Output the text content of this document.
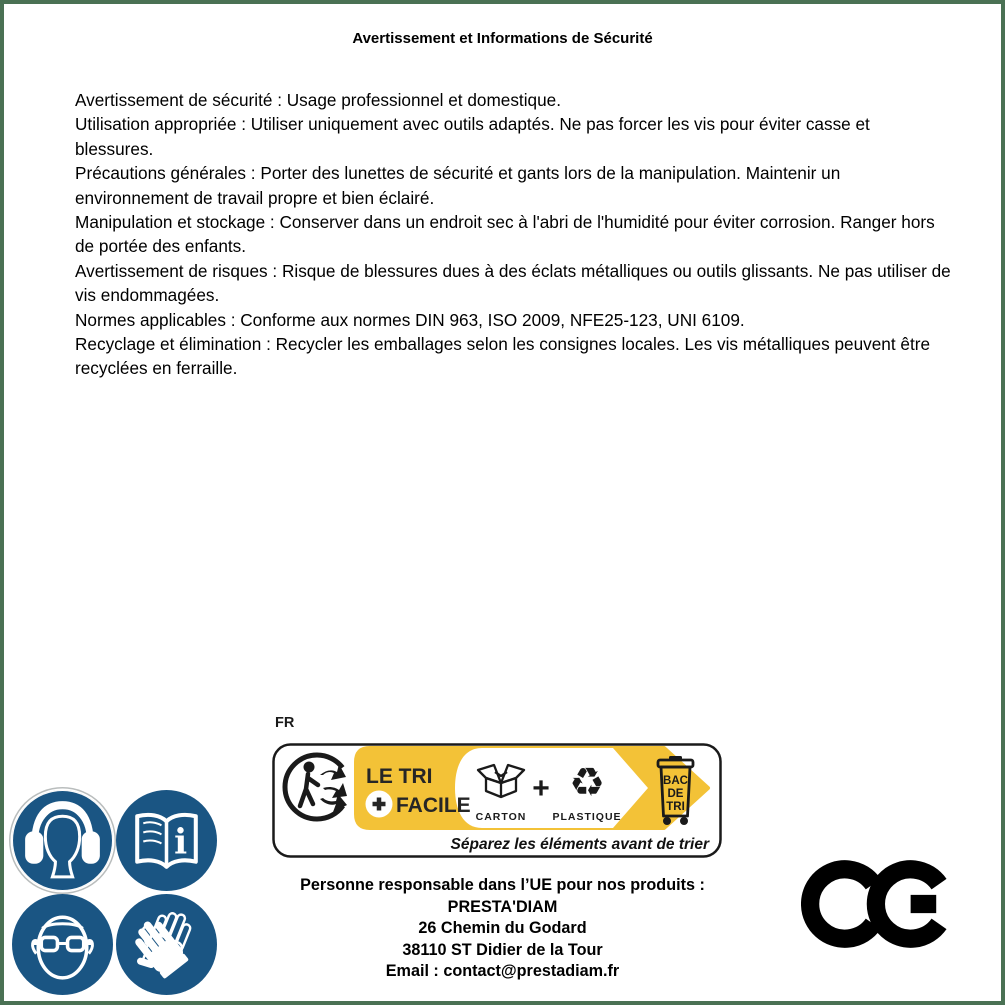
Avertissement et Informations de Sécurité

Avertissement de sécurité : Usage professionnel et domestique.

Utilisation appropriée : Utiliser uniquement avec outils adaptés. Ne pas forcer les vis pour éviter casse et blessures.

Précautions générales : Porter des lunettes de sécurité et gants lors de la manipulation. Maintenir un environnement de travail propre et bien éclairé.

Manipulation et stockage : Conserver dans un endroit sec à l'abri de l'humidité pour éviter corrosion. Ranger hors de portée des enfants.

Avertissement de risques : Risque de blessures dues à des éclats métalliques ou outils glissants. Ne pas utiliser de vis endommagées.

Normes applicables : Conforme aux normes DIN 963, ISO 2009, NFE25-123, UNI 6109.

Recyclage et élimination : Recycler les emballages selon les consignes locales. Les vis métalliques peuvent être recyclées en ferraille.

i
FR
LE TRI
FACILE CARTON
+ ♻
PLASTIQUE
BAC
DE
TRI
Séparez les éléments avant de trier
Personne responsable dans l’UE pour nos produits :
PRESTA'DIAM
26 Chemin du Godard
38110 ST Didier de la Tour
Email : contact@prestadiam.fr
